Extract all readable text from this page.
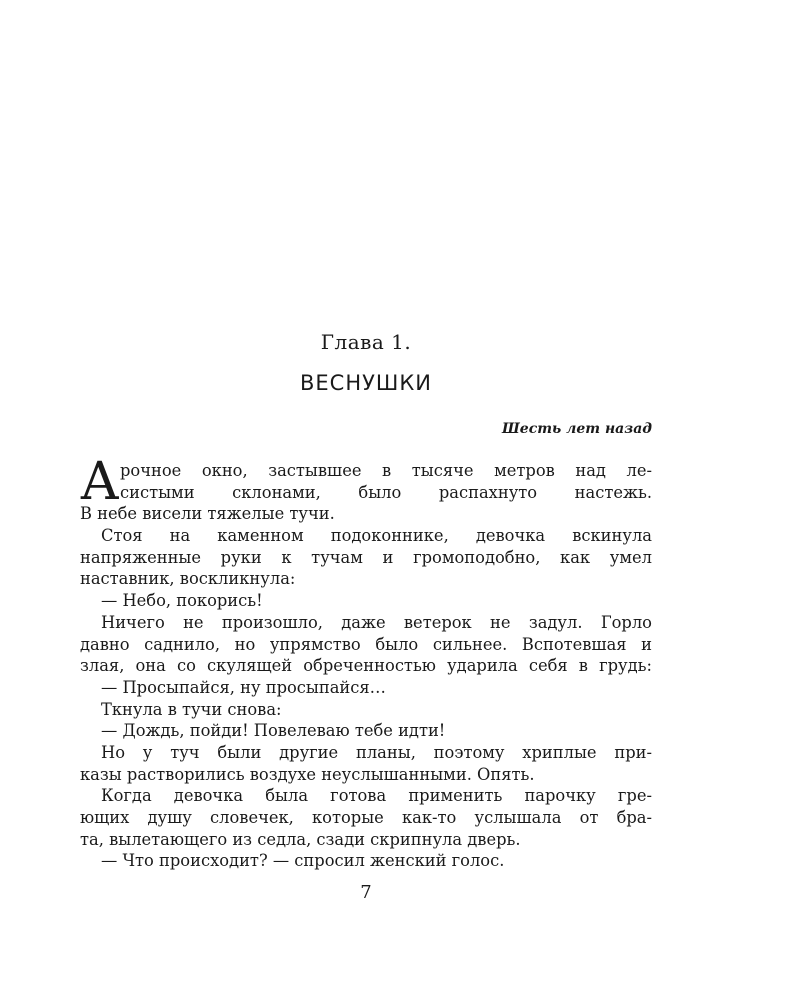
Глава 1.
ВЕСНУШКИ

Шесть лет назад

А рочное окно, застывшее в тысяче метров над ле-
систыми склонами, было распахнуто настежь.
В небе висели тяжелые тучи.
Стоя на каменном подоконнике, девочка вскинула
напряженные руки к тучам и громоподобно, как умел
наставник, воскликнула:
— Небо, покорись!
Ничего не произошло, даже ветерок не задул. Горло
давно саднило, но упрямство было сильнее. Вспотевшая и
злая, она со скулящей обреченностью ударила себя в грудь:
— Просыпайся, ну просыпайся…
Ткнула в тучи снова:
— Дождь, пойди! Повелеваю тебе идти!
Но у туч были другие планы, поэтому хриплые при-
казы растворились воздухе неуслышанными. Опять.
Когда девочка была готова применить парочку гре-
ющих душу словечек, которые как-то услышала от бра-
та, вылетающего из седла, сзади скрипнула дверь.
— Что происходит? — спросил женский голос.

7
